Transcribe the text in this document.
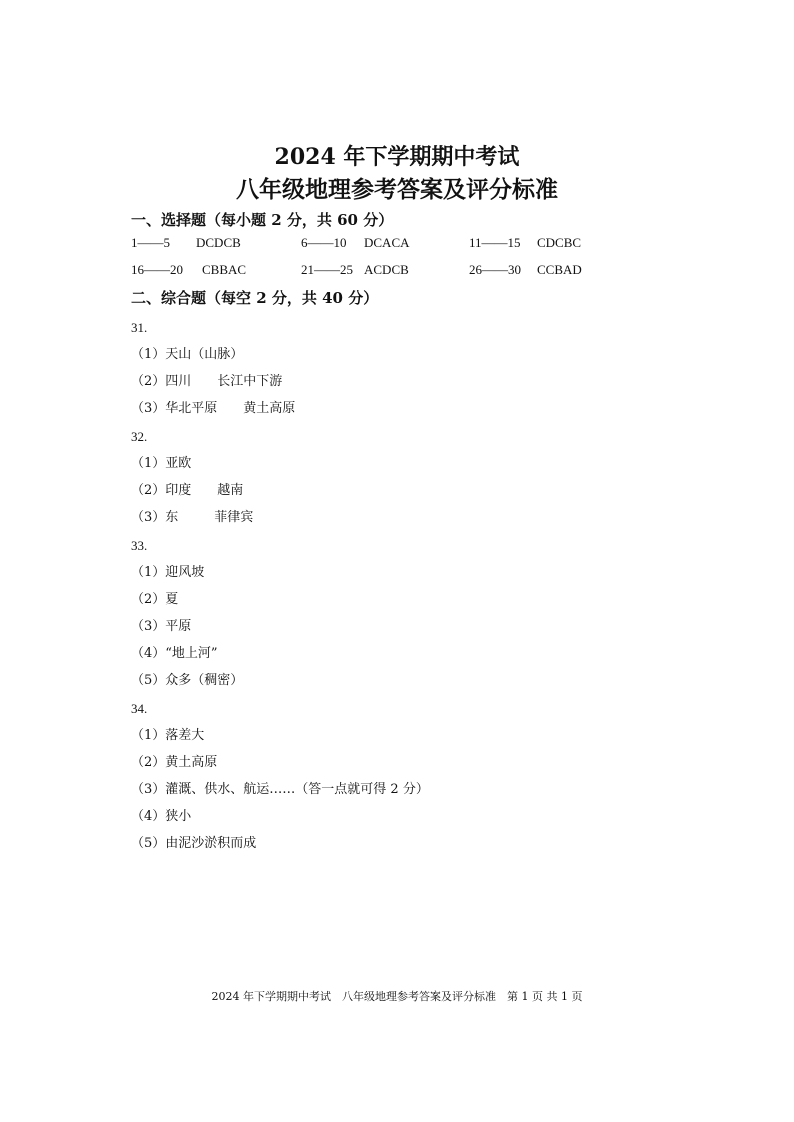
2024 年下学期期中考试
八年级地理参考答案及评分标准
一、选择题（每小题 2 分，共 60 分）
1——5 DCDCB	6——10 DCACA	11——15 CDCBC
16——20 CBBAC	21——25 ACDCB	26——30 CCBAD
二、综合题（每空 2 分，共 40 分）
31.
（1）天山（山脉）
（2）四川 长江中下游
（3）华北平原 黄土高原
32.
（1）亚欧
（2）印度 越南
（3）东	菲律宾
33.
（1）迎风坡
（2）夏
（3）平原
（4）“地上河”
（5）众多（稠密）
34.
（1）落差大
（2）黄土高原
（3）灌溉、供水、航运……（答一点就可得 2 分）
（4）狭小
（5）由泥沙淤积而成
2024 年下学期期中考试　八年级地理参考答案及评分标准　第 1 页 共 1 页
